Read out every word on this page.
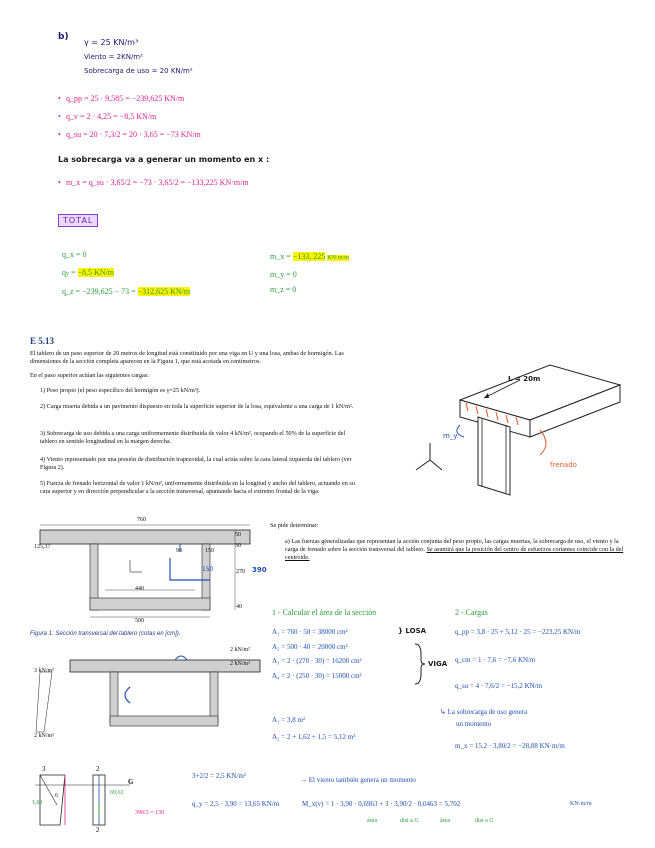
b)
γ = 25 KN/m³
Viento = 2KN/m²
Sobrecarga de uso = 20 KN/m²
• q_pp = 25 · 9,585 = −239,625 KN/m
• q_v = 2 · 4,25 = −8,5 KN/m
• q_su = 20 · 7,3/2 = 20 · 3,65 = −73 KN/m
La sobrecarga va a generar un momento en x :
• m_x = q_su · 3,65/2 = −73 · 3,65/2 = −133,225 KN·m/m
TOTAL
q_x = 0
qy = −8,5 KN/m
q_z = −239,625 − 73 = −312,625 KN/m
m_x = −133, 225 KN·m/m
m_y = 0
m_z = 0
E 5.13
El tablero de un paso superior de 20 metros de longitud está constituido por una viga en U y una losa, ambas de hormigón. Las dimensiones de la sección completa aparecen en la Figura 1, que está acotada en centímetros.
En el paso superior actúan las siguientes cargas:
1) Peso propio (el peso específico del hormigón es γ=25 kN/m³).
2) Carga muerta debida a un pavimento dispuesto en toda la superficie superior de la losa, equivalente a una carga de 1 kN/m².
3) Sobrecarga de uso debida a una carga uniformemente distribuida de valor 4 kN/m², ocupando el 50% de la superficie del tablero en sentido longitudinal en la margen derecha.
4) Viento representado por una presión de distribución trapezoidal, la cual actúa sobre la cara lateral izquierda del tablero (ver Figura 2).
5) Fuerza de frenado horizontal de valor 1 kN/m², uniformemente distribuida en la longitud y ancho del tablero, actuando en su cara superior y en dirección perpendicular a la sección transversal, apuntando hacia el extremo frontal de la viga.
L = 20m
frenado
m_y
760
125,37
50
30
150
90
270
440
40
500
390
150
Figura 1: Sección transversal del tablero (cotas en [cm]).
3 kN/m²
2 kN/m²
2 kN/m²
2 kN/m²
Se pide determinar:
a) Las fuerzas generalizadas que representan la acción conjunta del peso propio, las cargas muertas, la sobrecarga de uso, el viento y la carga de frenado sobre la sección transversal del tablero. Se asumirá que la posición del centro de esfuerzos cortantes coincide con la del centroide.
1 - Calcular el área de la sección	2 - Cargas
A₁ = 760 · 50 = 38000 cm²	} LOSA
A₂ = 500 · 40 = 20000 cm²
A₃ = 2 · (270 · 30) = 16200 cm²
A₄ = 2 · (250 · 30) = 15000 cm²
VIGA
A₁ = 3,8 m²
A₂ = 2 + 1,62 + 1,5 = 5,12 m²
q_pp = 3,8 · 25 + 5,12 · 25 = −223,25 KN/m
q_cm = 1 · 7,6 = −7,6 KN/m
q_su = 4 · 7,6/2 = −15,2 KN/m
↳ La sobrecarga de uso genera
un momento
m_x = 15,2 · 3,80/2 = −28,88 KN·m/m
3	2
2
G
1,63
69,63
6
390/3 = 130
3+2/2 = 2,5 KN/m²	→ El viento también genera un momento
q_y = 2,5 · 3,90 = 13,65 KN/m	M_x(v) = 1 · 3,90 · 0,6963 + 3 · 3,90/2 · 0,0463 = 5,702	KN·m/m
área	dist a G	área	dist a G
